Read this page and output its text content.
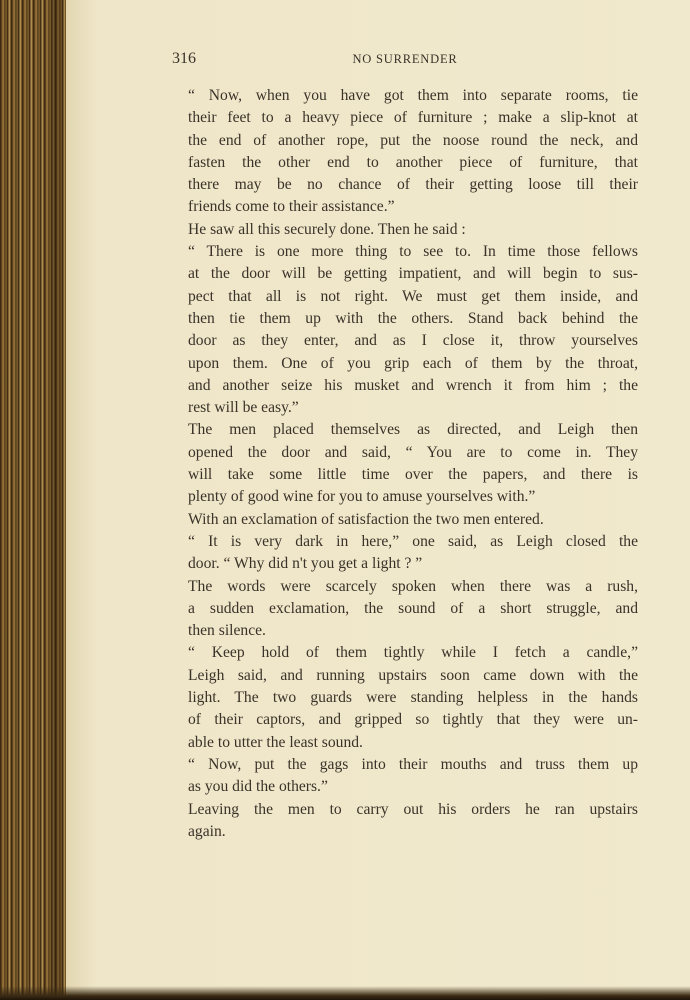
316	NO SURRENDER

“ Now, when you have got them into separate rooms, tie
their feet to a heavy piece of furniture ; make a slip-knot at
the end of another rope, put the noose round the neck, and
fasten the other end to another piece of furniture, that
there may be no chance of their getting loose till their
friends come to their assistance.”

He saw all this securely done. Then he said :

“ There is one more thing to see to. In time those fellows
at the door will be getting impatient, and will begin to sus-
pect that all is not right. We must get them inside, and
then tie them up with the others. Stand back behind the
door as they enter, and as I close it, throw yourselves
upon them. One of you grip each of them by the throat,
and another seize his musket and wrench it from him ; the
rest will be easy.”

The men placed themselves as directed, and Leigh then
opened the door and said, “ You are to come in. They
will take some little time over the papers, and there is
plenty of good wine for you to amuse yourselves with.”

With an exclamation of satisfaction the two men entered.

“ It is very dark in here,” one said, as Leigh closed the
door. “ Why did n't you get a light ? ”

The words were scarcely spoken when there was a rush,
a sudden exclamation, the sound of a short struggle, and
then silence.

“ Keep hold of them tightly while I fetch a candle,”
Leigh said, and running upstairs soon came down with the
light. The two guards were standing helpless in the hands
of their captors, and gripped so tightly that they were un-
able to utter the least sound.

“ Now, put the gags into their mouths and truss them up
as you did the others.”

Leaving the men to carry out his orders he ran upstairs
again.
